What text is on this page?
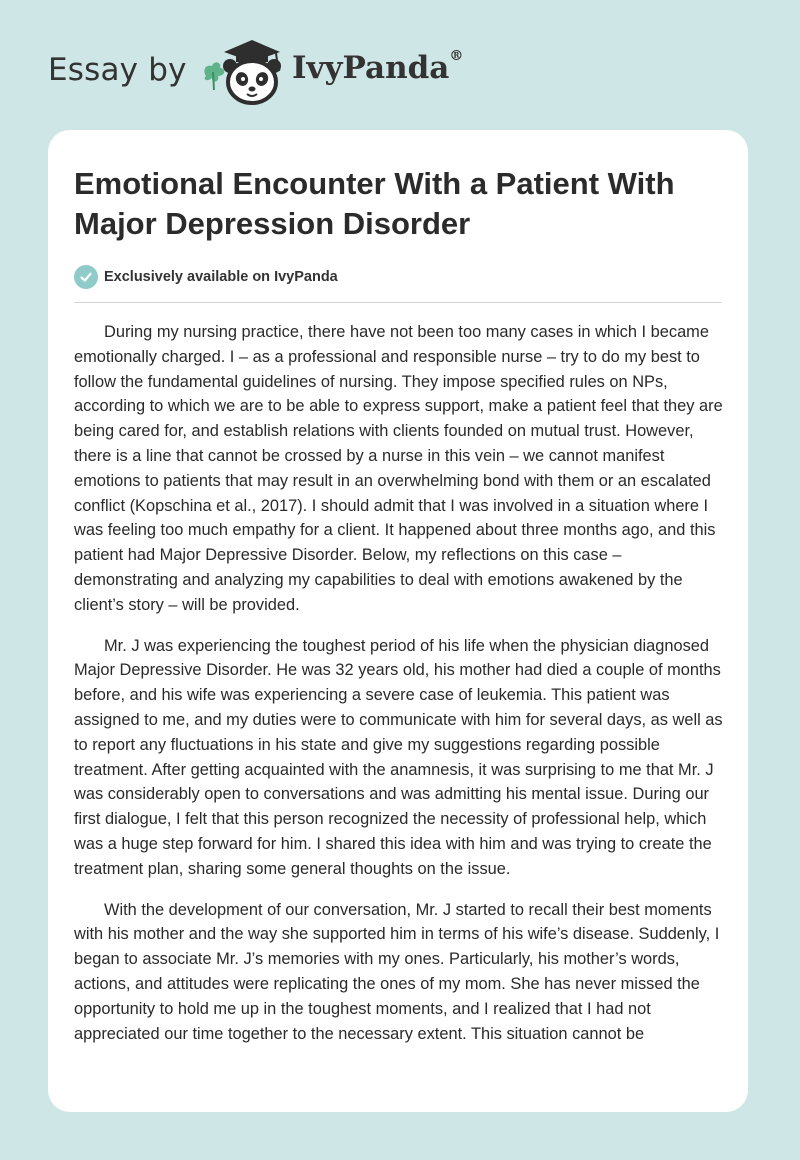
Essay by	IvyPanda®
Emotional Encounter With a Patient With Major Depression Disorder
Exclusively available on IvyPanda

During my nursing practice, there have not been too many cases in which I became emotionally charged. I – as a professional and responsible nurse – try to do my best to follow the fundamental guidelines of nursing. They impose specified rules on NPs, according to which we are to be able to express support, make a patient feel that they are being cared for, and establish relations with clients founded on mutual trust. However, there is a line that cannot be crossed by a nurse in this vein – we cannot manifest emotions to patients that may result in an overwhelming bond with them or an escalated conflict (Kopschina et al., 2017). I should admit that I was involved in a situation where I was feeling too much empathy for a client. It happened about three months ago, and this patient had Major Depressive Disorder. Below, my reflections on this case – demonstrating and analyzing my capabilities to deal with emotions awakened by the client’s story – will be provided.

Mr. J was experiencing the toughest period of his life when the physician diagnosed Major Depressive Disorder. He was 32 years old, his mother had died a couple of months before, and his wife was experiencing a severe case of leukemia. This patient was assigned to me, and my duties were to communicate with him for several days, as well as to report any fluctuations in his state and give my suggestions regarding possible treatment. After getting acquainted with the anamnesis, it was surprising to me that Mr. J was considerably open to conversations and was admitting his mental issue. During our first dialogue, I felt that this person recognized the necessity of professional help, which was a huge step forward for him. I shared this idea with him and was trying to create the treatment plan, sharing some general thoughts on the issue.

With the development of our conversation, Mr. J started to recall their best moments with his mother and the way she supported him in terms of his wife’s disease. Suddenly, I began to associate Mr. J’s memories with my ones. Particularly, his mother’s words, actions, and attitudes were replicating the ones of my mom. She has never missed the opportunity to hold me up in the toughest moments, and I realized that I had not appreciated our time together to the necessary extent. This situation cannot be
